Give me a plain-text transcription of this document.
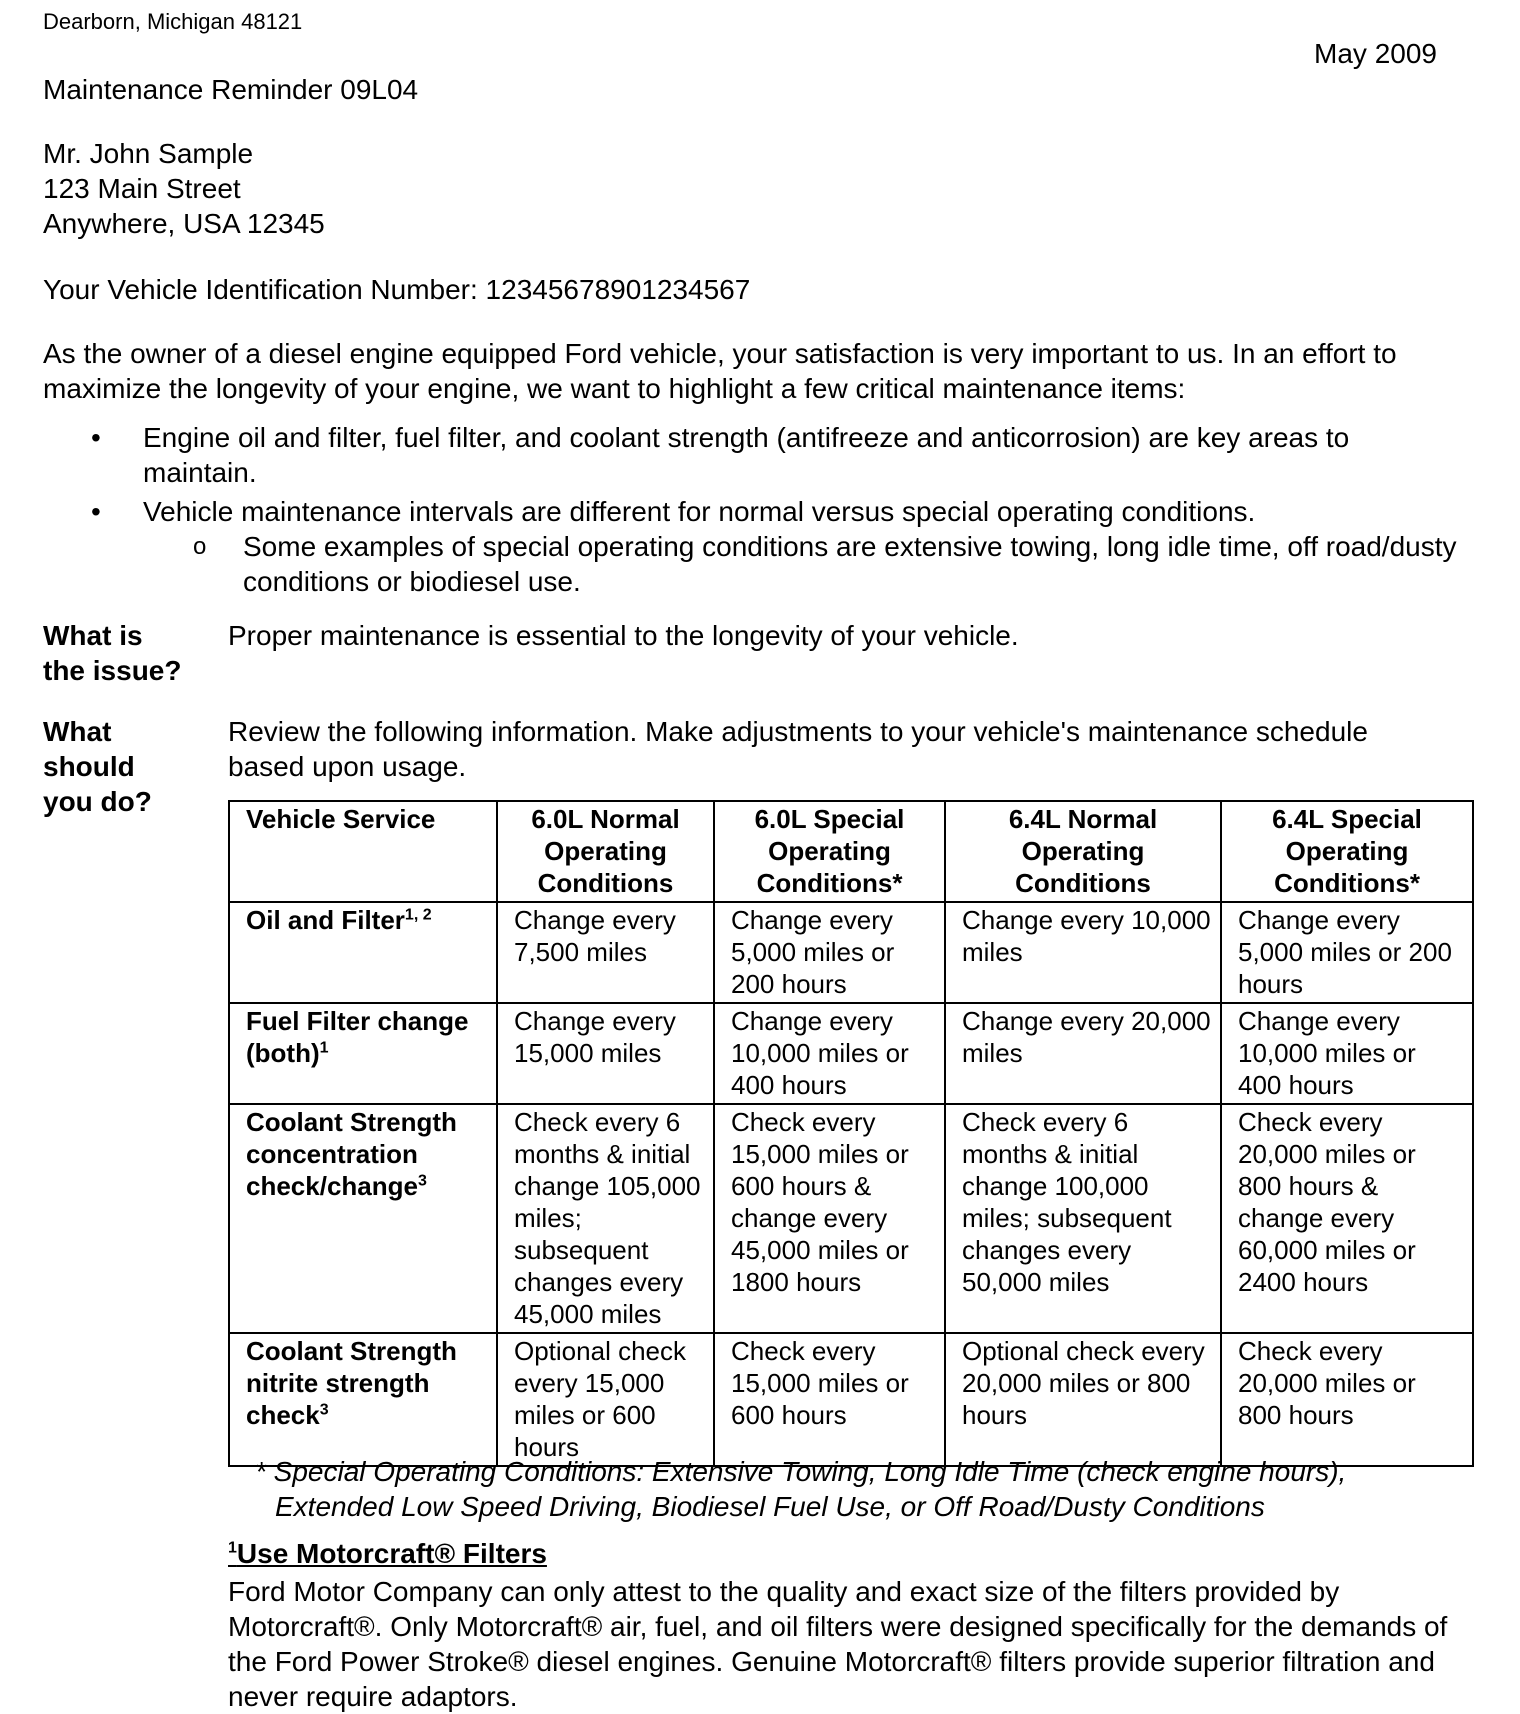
Dearborn, Michigan 48121
May 2009
Maintenance Reminder 09L04
Mr. John Sample
123 Main Street
Anywhere, USA 12345
Your Vehicle Identification Number: 12345678901234567
As the owner of a diesel engine equipped Ford vehicle, your satisfaction is very important to us. In an effort to maximize the longevity of your engine, we want to highlight a few critical maintenance items:
• Engine oil and filter, fuel filter, and coolant strength (antifreeze and anticorrosion) are key areas to maintain.
• Vehicle maintenance intervals are different for normal versus special operating conditions.
o Some examples of special operating conditions are extensive towing, long idle time, off road/dusty conditions or biodiesel use.
What is
the issue?
Proper maintenance is essential to the longevity of your vehicle.
What
should
you do?
Review the following information. Make adjustments to your vehicle's maintenance schedule based upon usage.
Vehicle Service	6.0L Normal Operating Conditions	6.0L Special Operating Conditions*	6.4L Normal Operating Conditions	6.4L Special Operating Conditions*
Oil and Filter$^{1, 2}$	Change every 7,500 miles	Change every 5,000 miles or 200 hours	Change every 10,000 miles	Change every 5,000 miles or 200 hours
Fuel Filter change (both)$^1$	Change every 15,000 miles	Change every 10,000 miles or 400 hours	Change every 20,000 miles	Change every 10,000 miles or 400 hours
Coolant Strength concentration check/change$^3$	Check every 6 months & initial change 105,000 miles; subsequent changes every 45,000 miles	Check every 15,000 miles or 600 hours & change every 45,000 miles or 1800 hours	Check every 6 months & initial change 100,000 miles; subsequent changes every 50,000 miles	Check every 20,000 miles or 800 hours & change every 60,000 miles or 2400 hours
Coolant Strength nitrite strength check$^3$	Optional check every 15,000 miles or 600 hours	Check every 15,000 miles or 600 hours	Optional check every 20,000 miles or 800 hours	Check every 20,000 miles or 800 hours
* Special Operating Conditions: Extensive Towing, Long Idle Time (check engine hours),
Extended Low Speed Driving, Biodiesel Fuel Use, or Off Road/Dusty Conditions
$^1$Use Motorcraft® Filters
Ford Motor Company can only attest to the quality and exact size of the filters provided by Motorcraft®. Only Motorcraft® air, fuel, and oil filters were designed specifically for the demands of the Ford Power Stroke® diesel engines. Genuine Motorcraft® filters provide superior filtration and never require adaptors.
